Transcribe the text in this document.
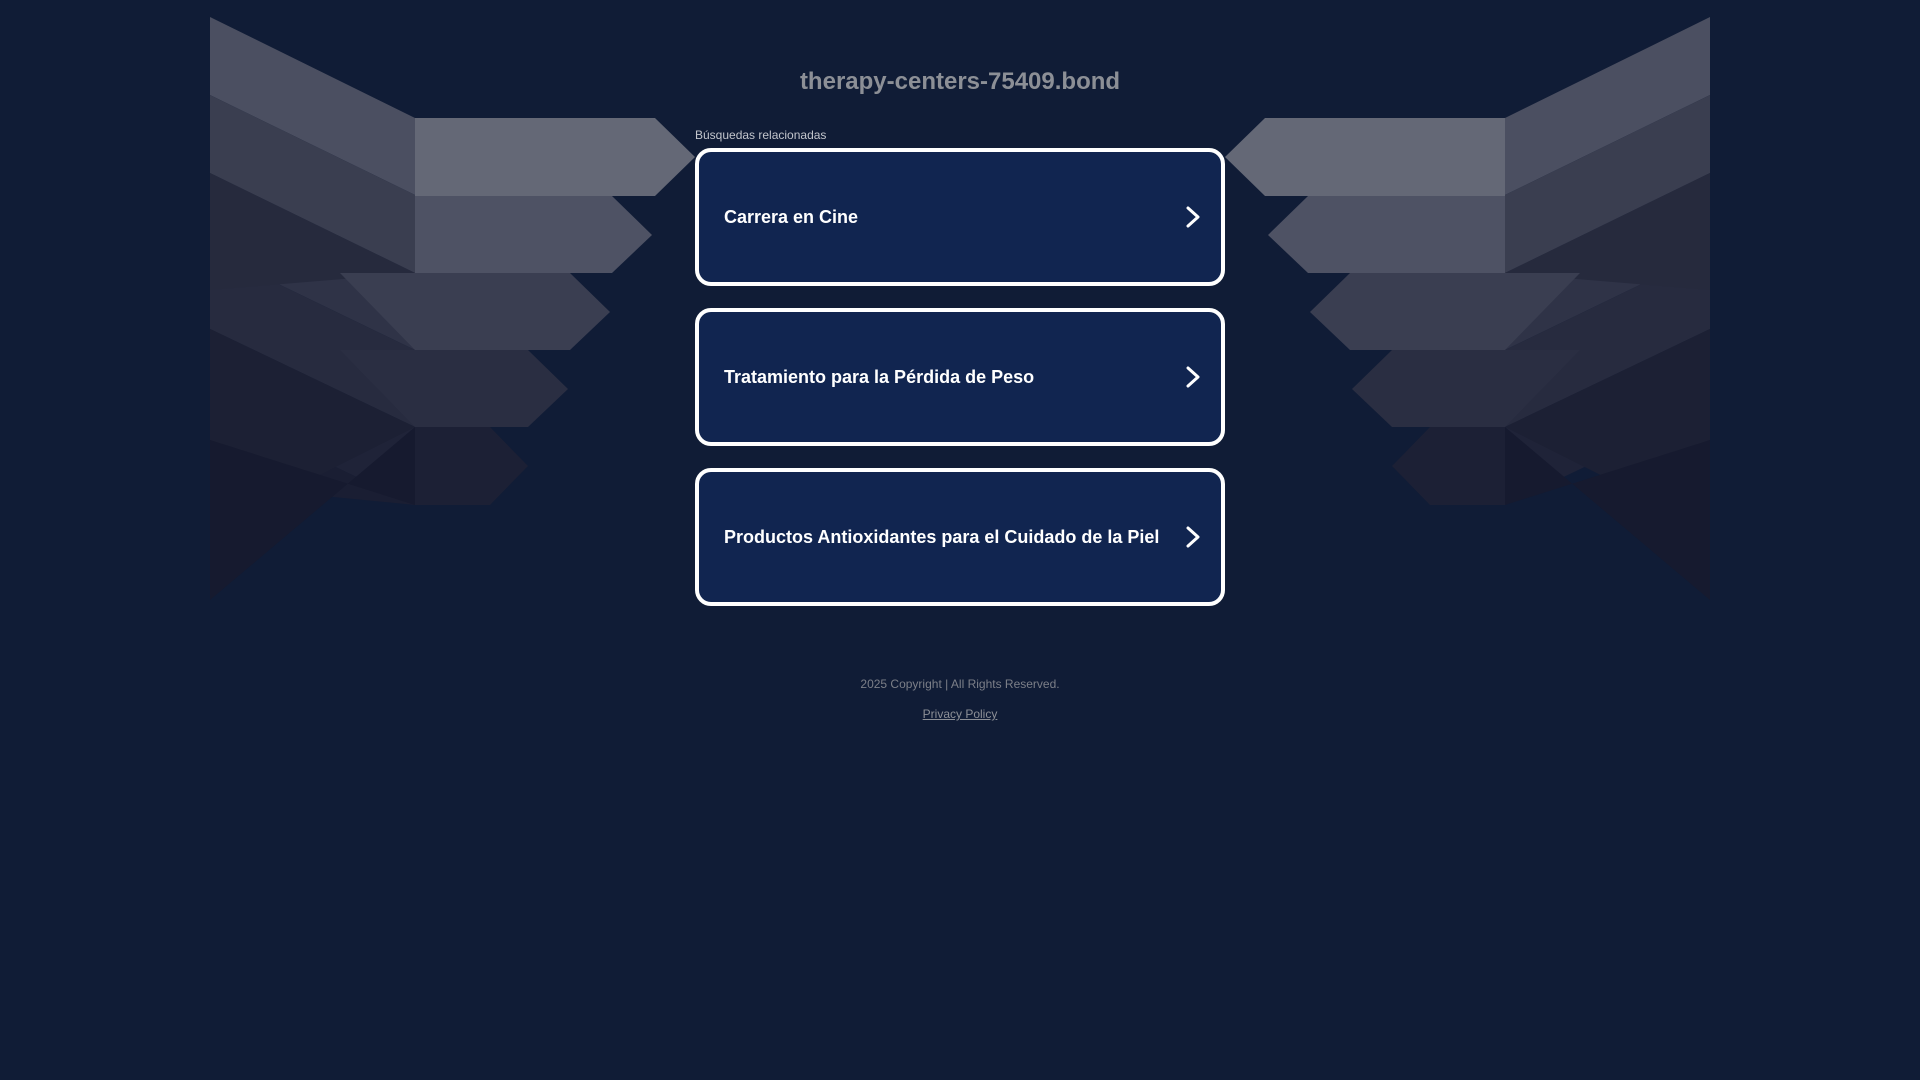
therapy-centers-75409.bond
Búsquedas relacionadas
Carrera en Cine
Tratamiento para la Pérdida de Peso
Productos Antioxidantes para el Cuidado de la Piel
2025 Copyright | All Rights Reserved.
Privacy Policy
